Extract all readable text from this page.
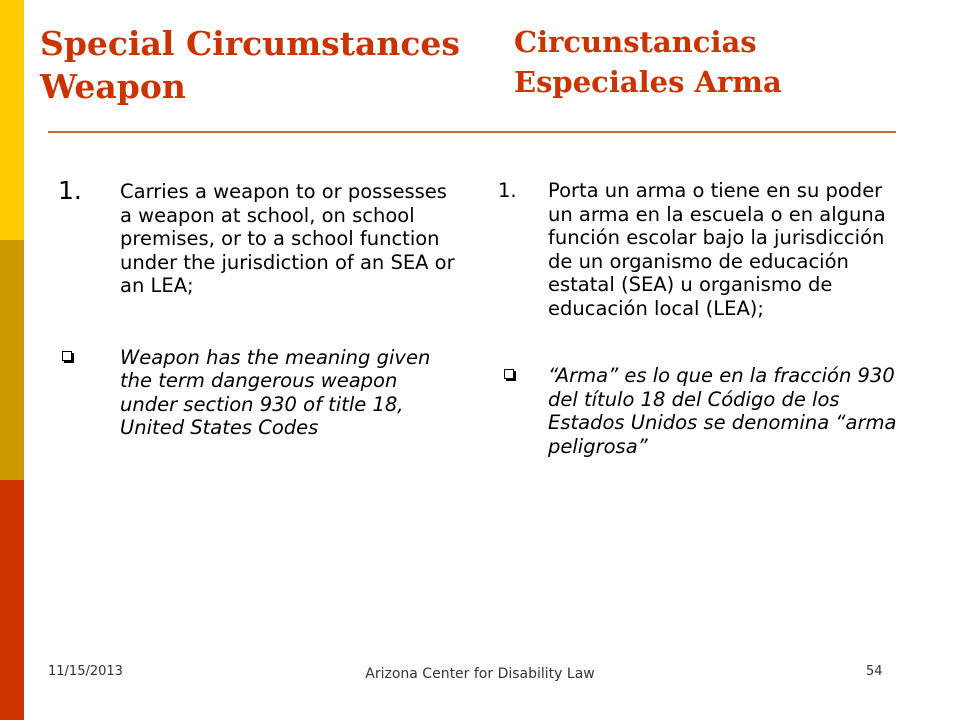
Special Circumstances Weapon
Circunstancias Especiales Arma
1. Carries a weapon to or possesses a weapon at school, on school premises, or to a school function under the jurisdiction of an SEA or an LEA;
Weapon has the meaning given the term dangerous weapon under section 930 of title 18, United States Codes
1. Porta un arma o tiene en su poder un arma en la escuela o en alguna función escolar bajo la jurisdicción de un organismo de educación estatal (SEA) u organismo de educación local (LEA);
“Arma” es lo que en la fracción 930 del título 18 del Código de los Estados Unidos se denomina “arma peligrosa”
11/15/2013	Arizona Center for Disability Law	54
